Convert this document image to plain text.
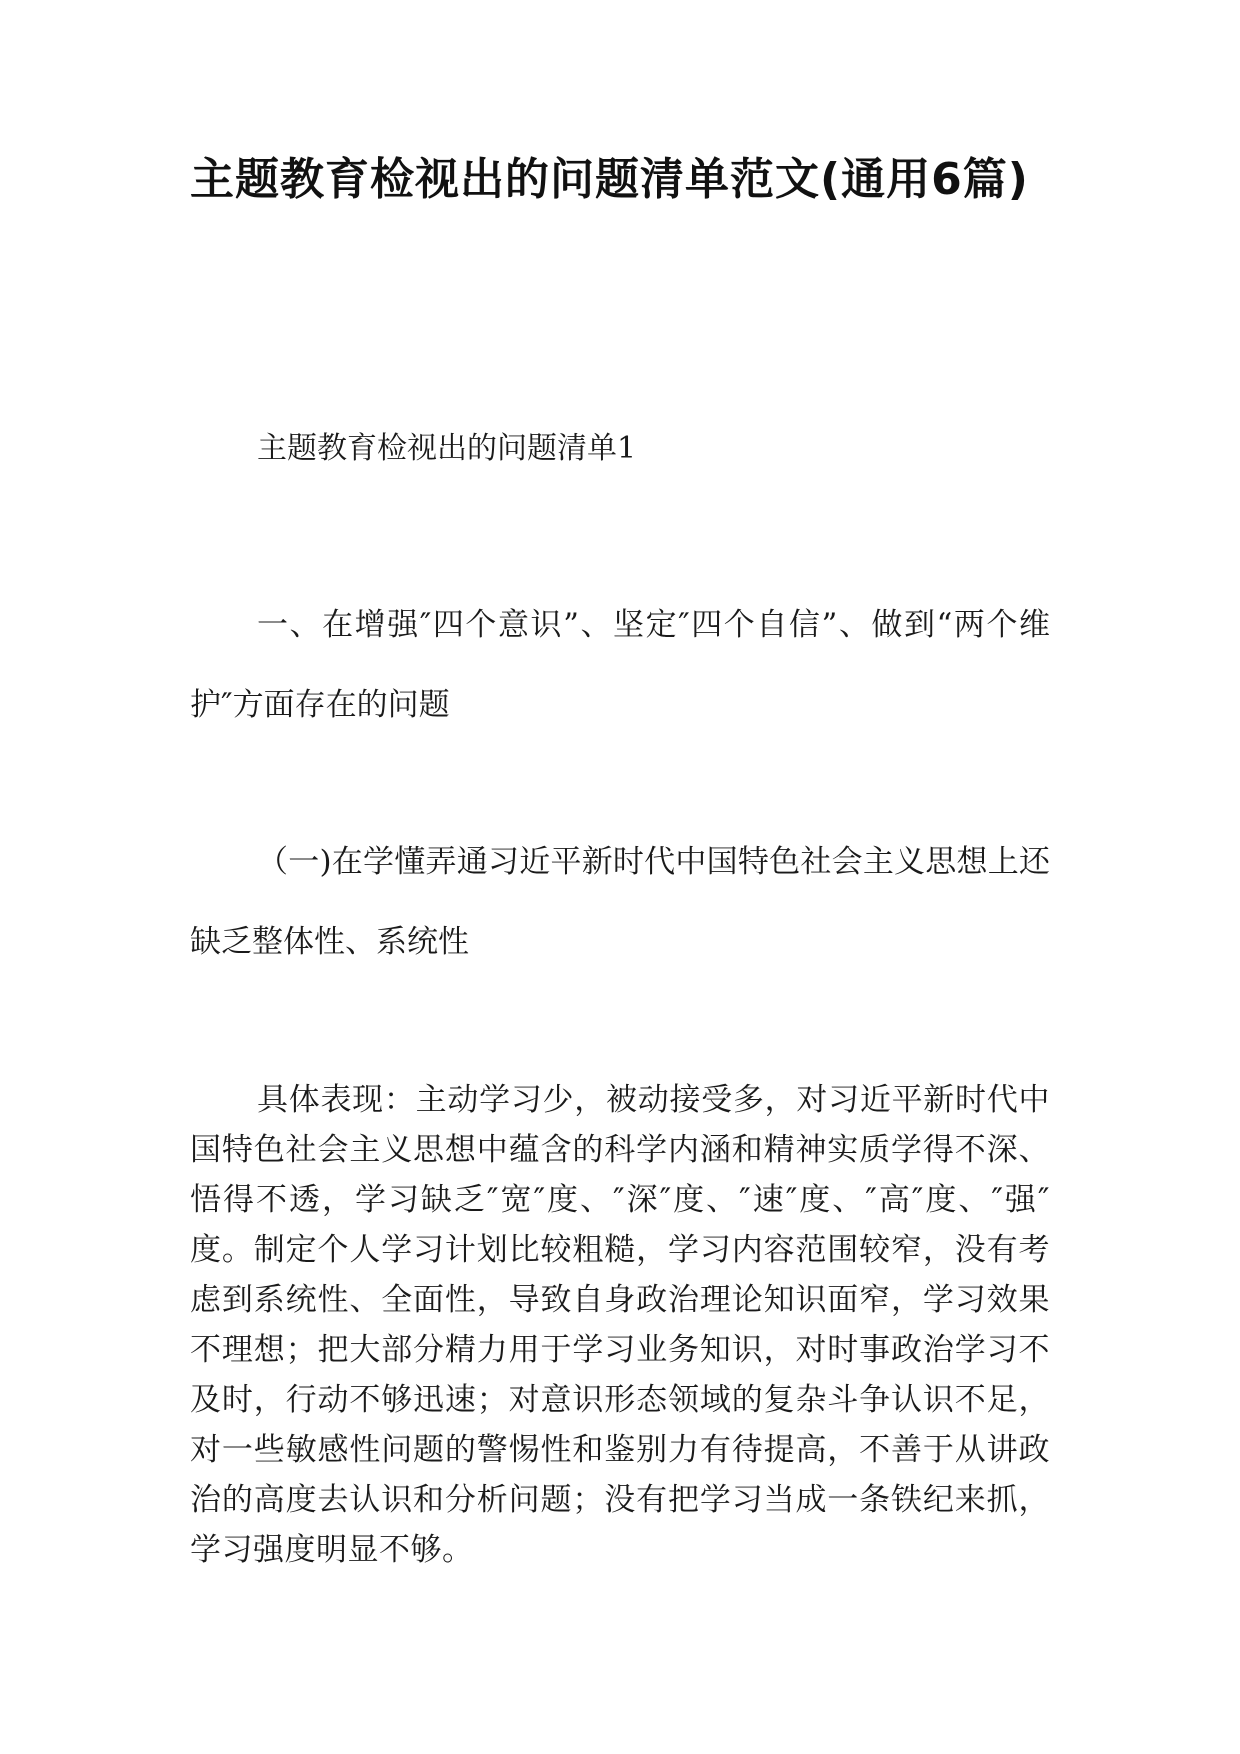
主题教育检视出的问题清单范文(通用6篇)
主题教育检视出的问题清单1

一、在增强″四个意识”、坚定″四个自信”、做到“两个维护″方面存在的问题

（一)在学懂弄通习近平新时代中国特色社会主义思想上还缺乏整体性、系统性

具体表现：主动学习少，被动接受多，对习近平新时代中国特色社会主义思想中蕴含的科学内涵和精神实质学得不深、悟得不透，学习缺乏″宽″度、″深″度、″速″度、″高″度、″强″度。制定个人学习计划比较粗糙，学习内容范围较窄，没有考虑到系统性、全面性，导致自身政治理论知识面窄，学习效果不理想；把大部分精力用于学习业务知识，对时事政治学习不及时，行动不够迅速；对意识形态领域的复杂斗争认识不足，对一些敏感性问题的警惕性和鉴别力有待提高，不善于从讲政治的高度去认识和分析问题；没有把学习当成一条铁纪来抓，学习强度明显不够。
